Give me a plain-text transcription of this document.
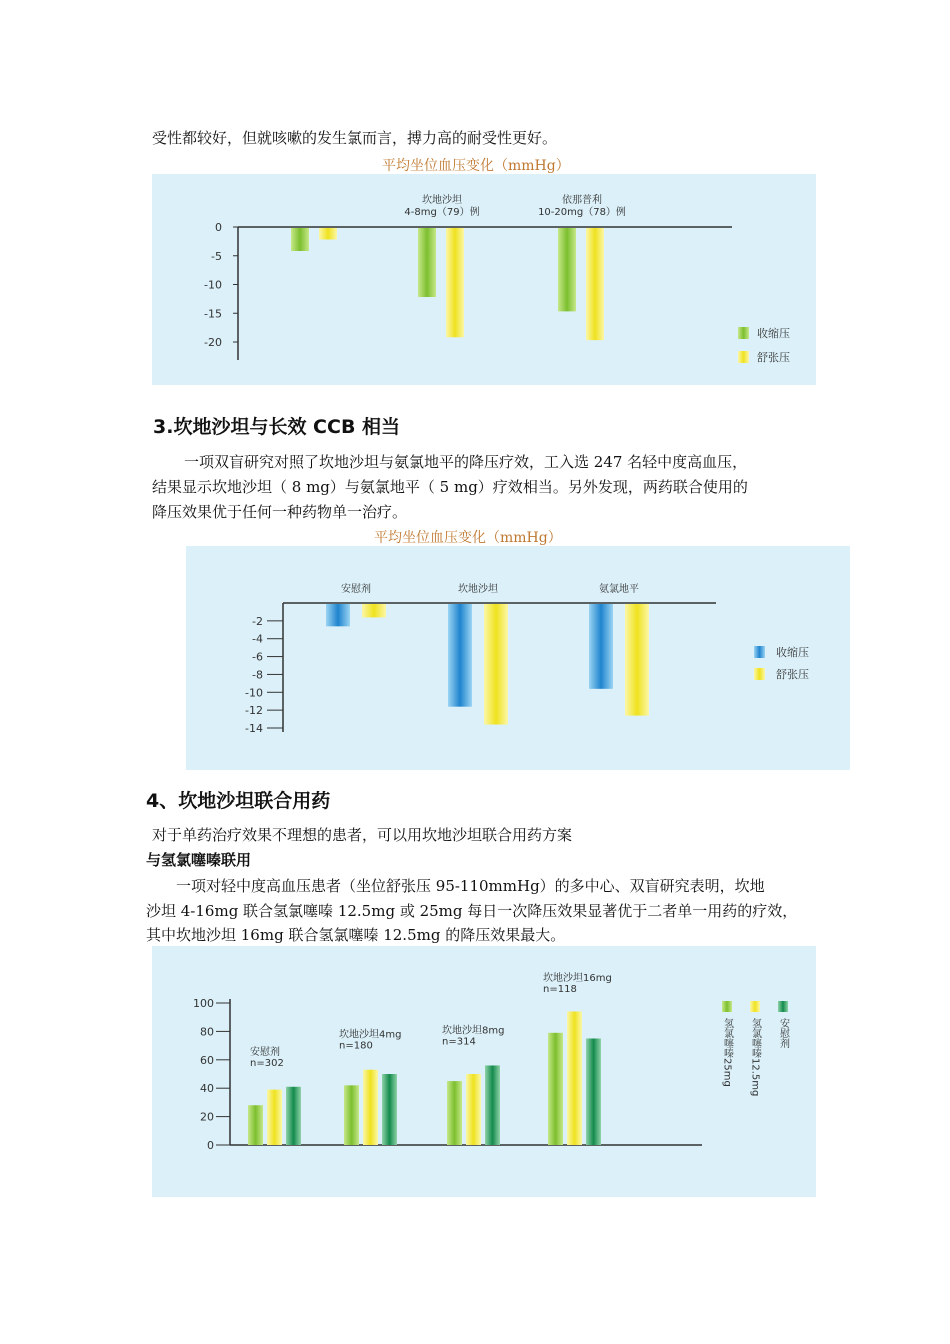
受性都较好，但就咳嗽的发生氯而言，搏力高的耐受性更好。
平均坐位血压变化（mmHg）
0
-5
-10
-15
-20
坎地沙坦
4-8mg（79）例
依那普利
10-20mg（78）例
收缩压
舒张压
3.坎地沙坦与长效 CCB 相当
一项双盲研究对照了坎地沙坦与氨氯地平的降压疗效，工入选 247 名轻中度高血压，
结果显示坎地沙坦（ 8 mg）与氨氯地平（ 5 mg）疗效相当。另外发现，两药联合使用的
降压效果优于任何一种药物单一治疗。
平均坐位血压变化（mmHg）
-2
-4
-6
-8
-10
-12
-14
安慰剂	坎地沙坦	氨氯地平
收缩压
舒张压
4、坎地沙坦联合用药
对于单药治疗效果不理想的患者，可以用坎地沙坦联合用药方案
与氢氯噻嗪联用
一项对轻中度高血压患者（坐位舒张压 95-110mmHg）的多中心、双盲研究表明，坎地
沙坦 4-16mg 联合氢氯噻嗪 12.5mg 或 25mg 每日一次降压效果显著优于二者单一用药的疗效，
其中坎地沙坦 16mg 联合氢氯噻嗪 12.5mg 的降压效果最大。
0
20
40
60
80
100
安慰剂
n=302
坎地沙坦4mg
n=180
坎地沙坦8mg
n=314
坎地沙坦16mg
n=118
氢氯噻嗪25mg 氢氯噻嗪12.5mg 安慰剂
